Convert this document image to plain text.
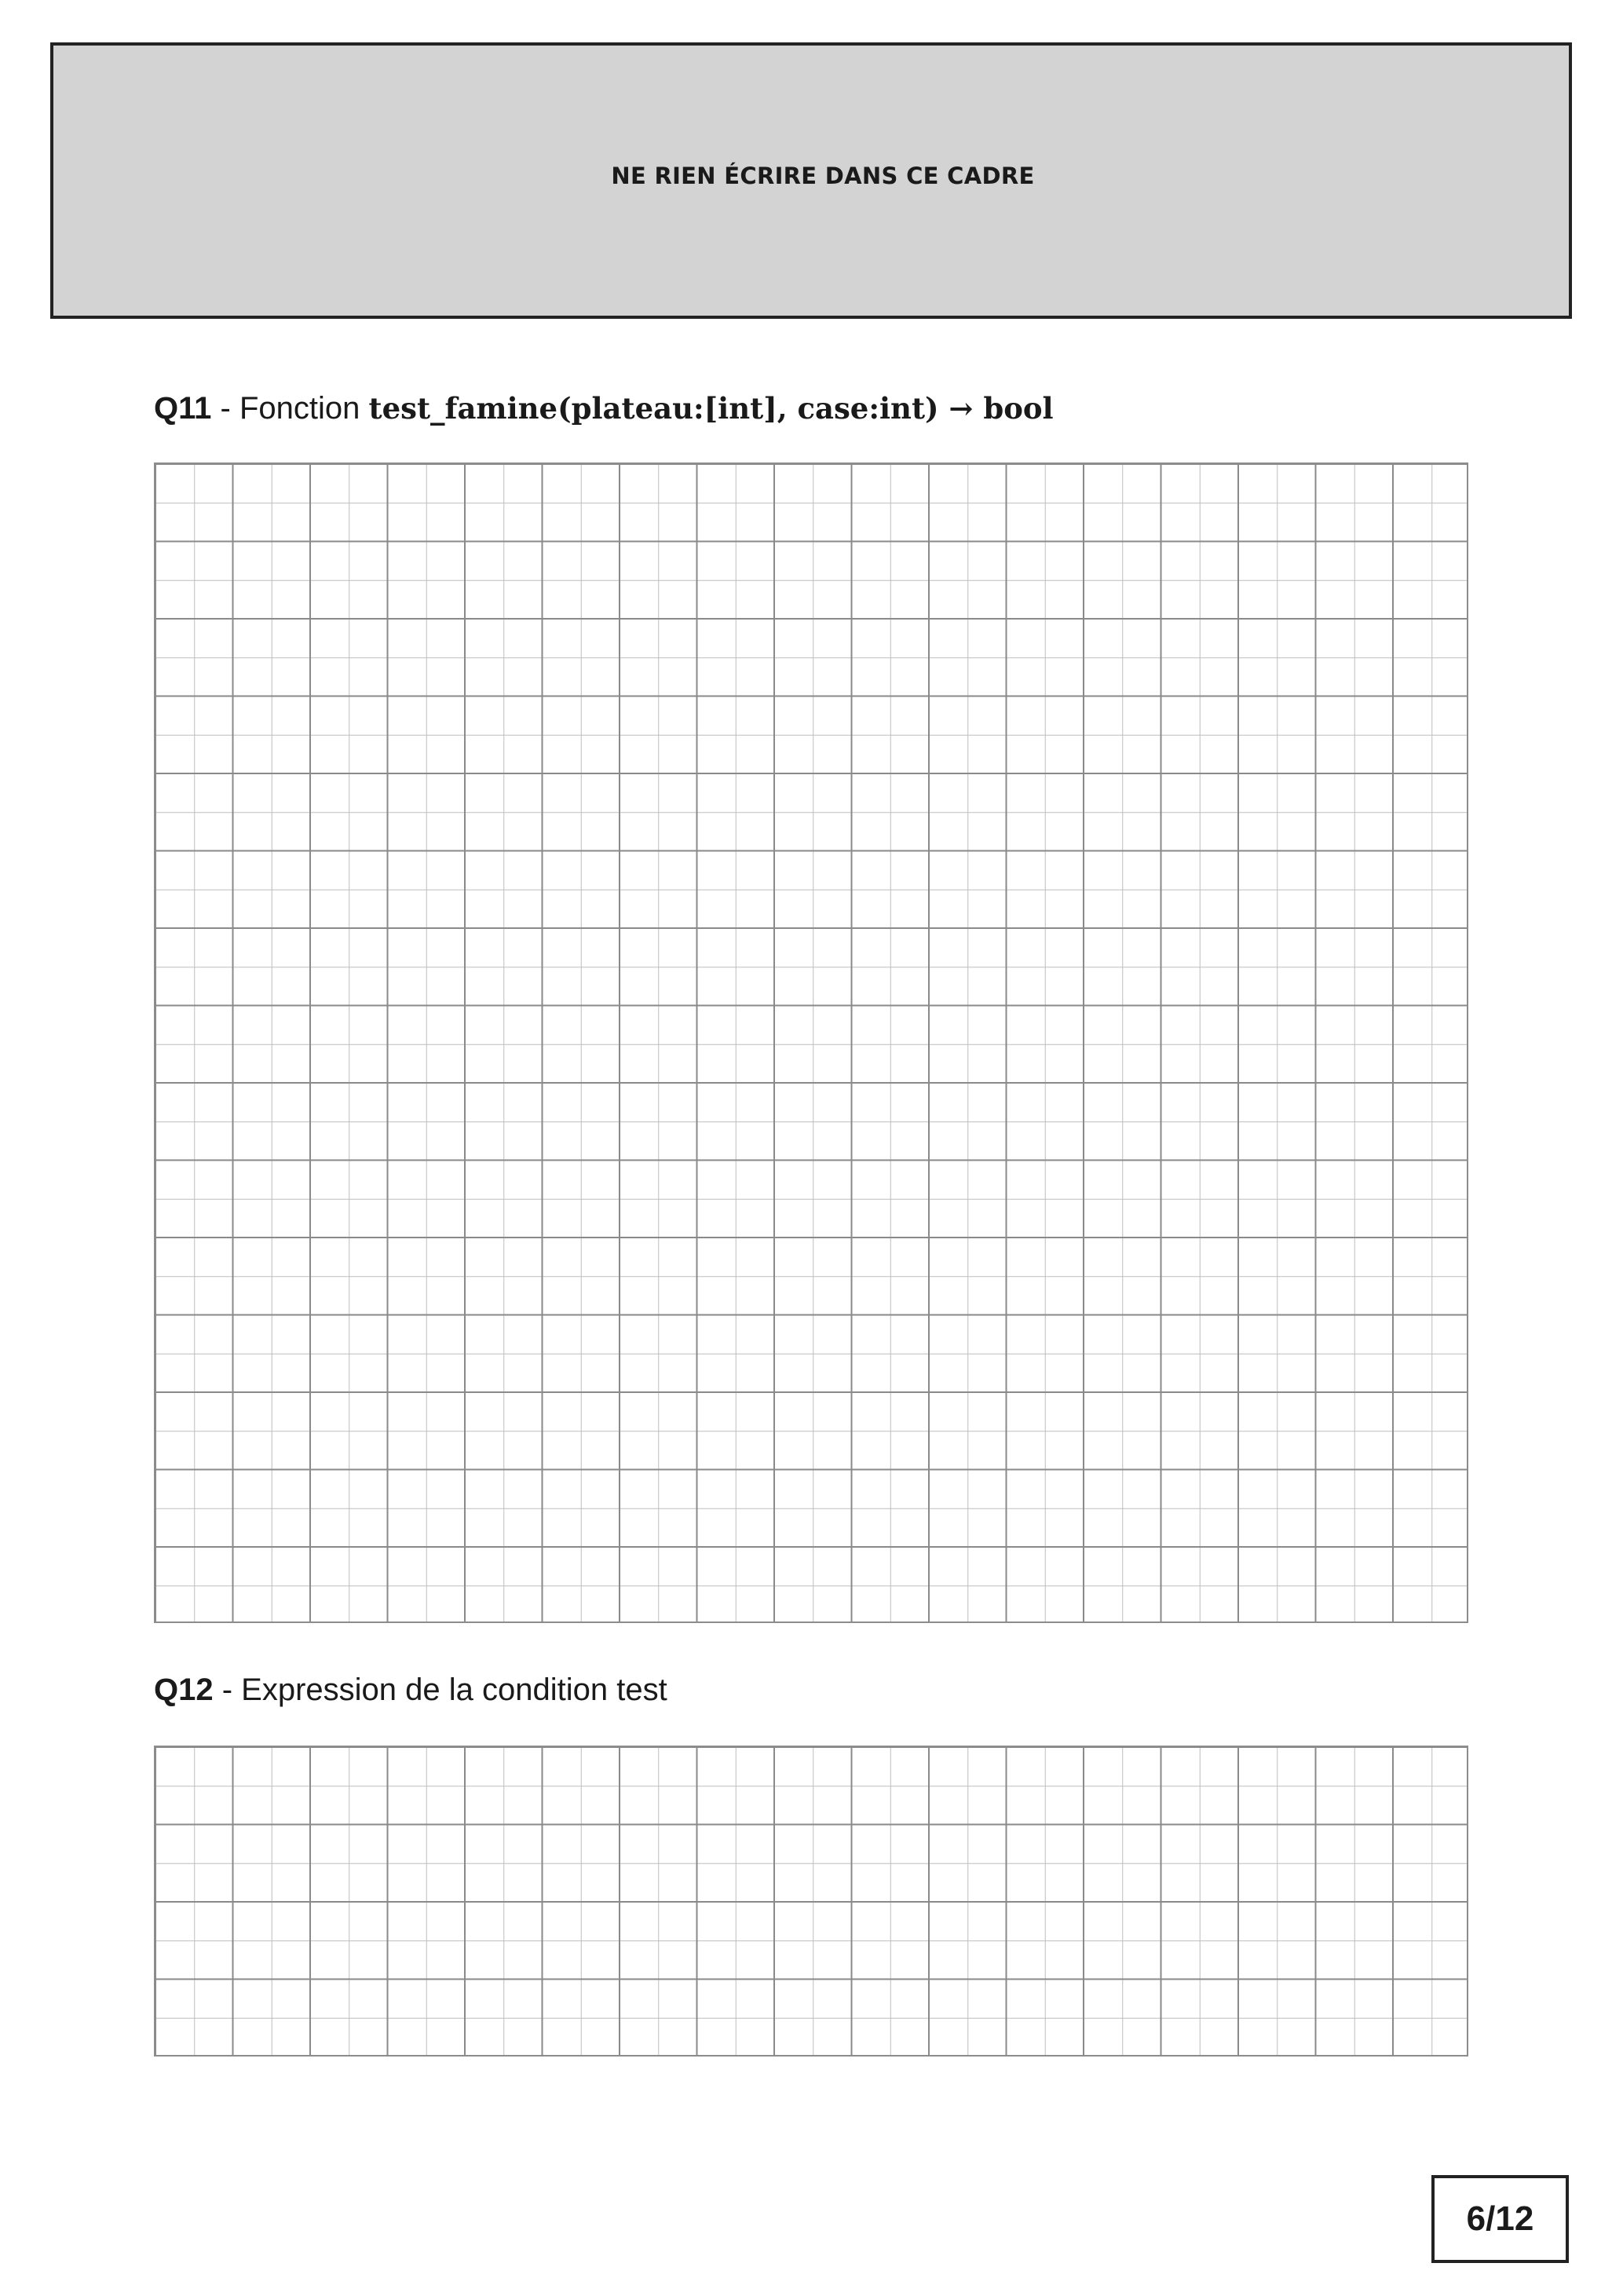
NE RIEN ÉCRIRE DANS CE CADRE
Q11 - Fonction test_famine(plateau:[int], case:int) → bool
Q12 - Expression de la condition test
6/12
